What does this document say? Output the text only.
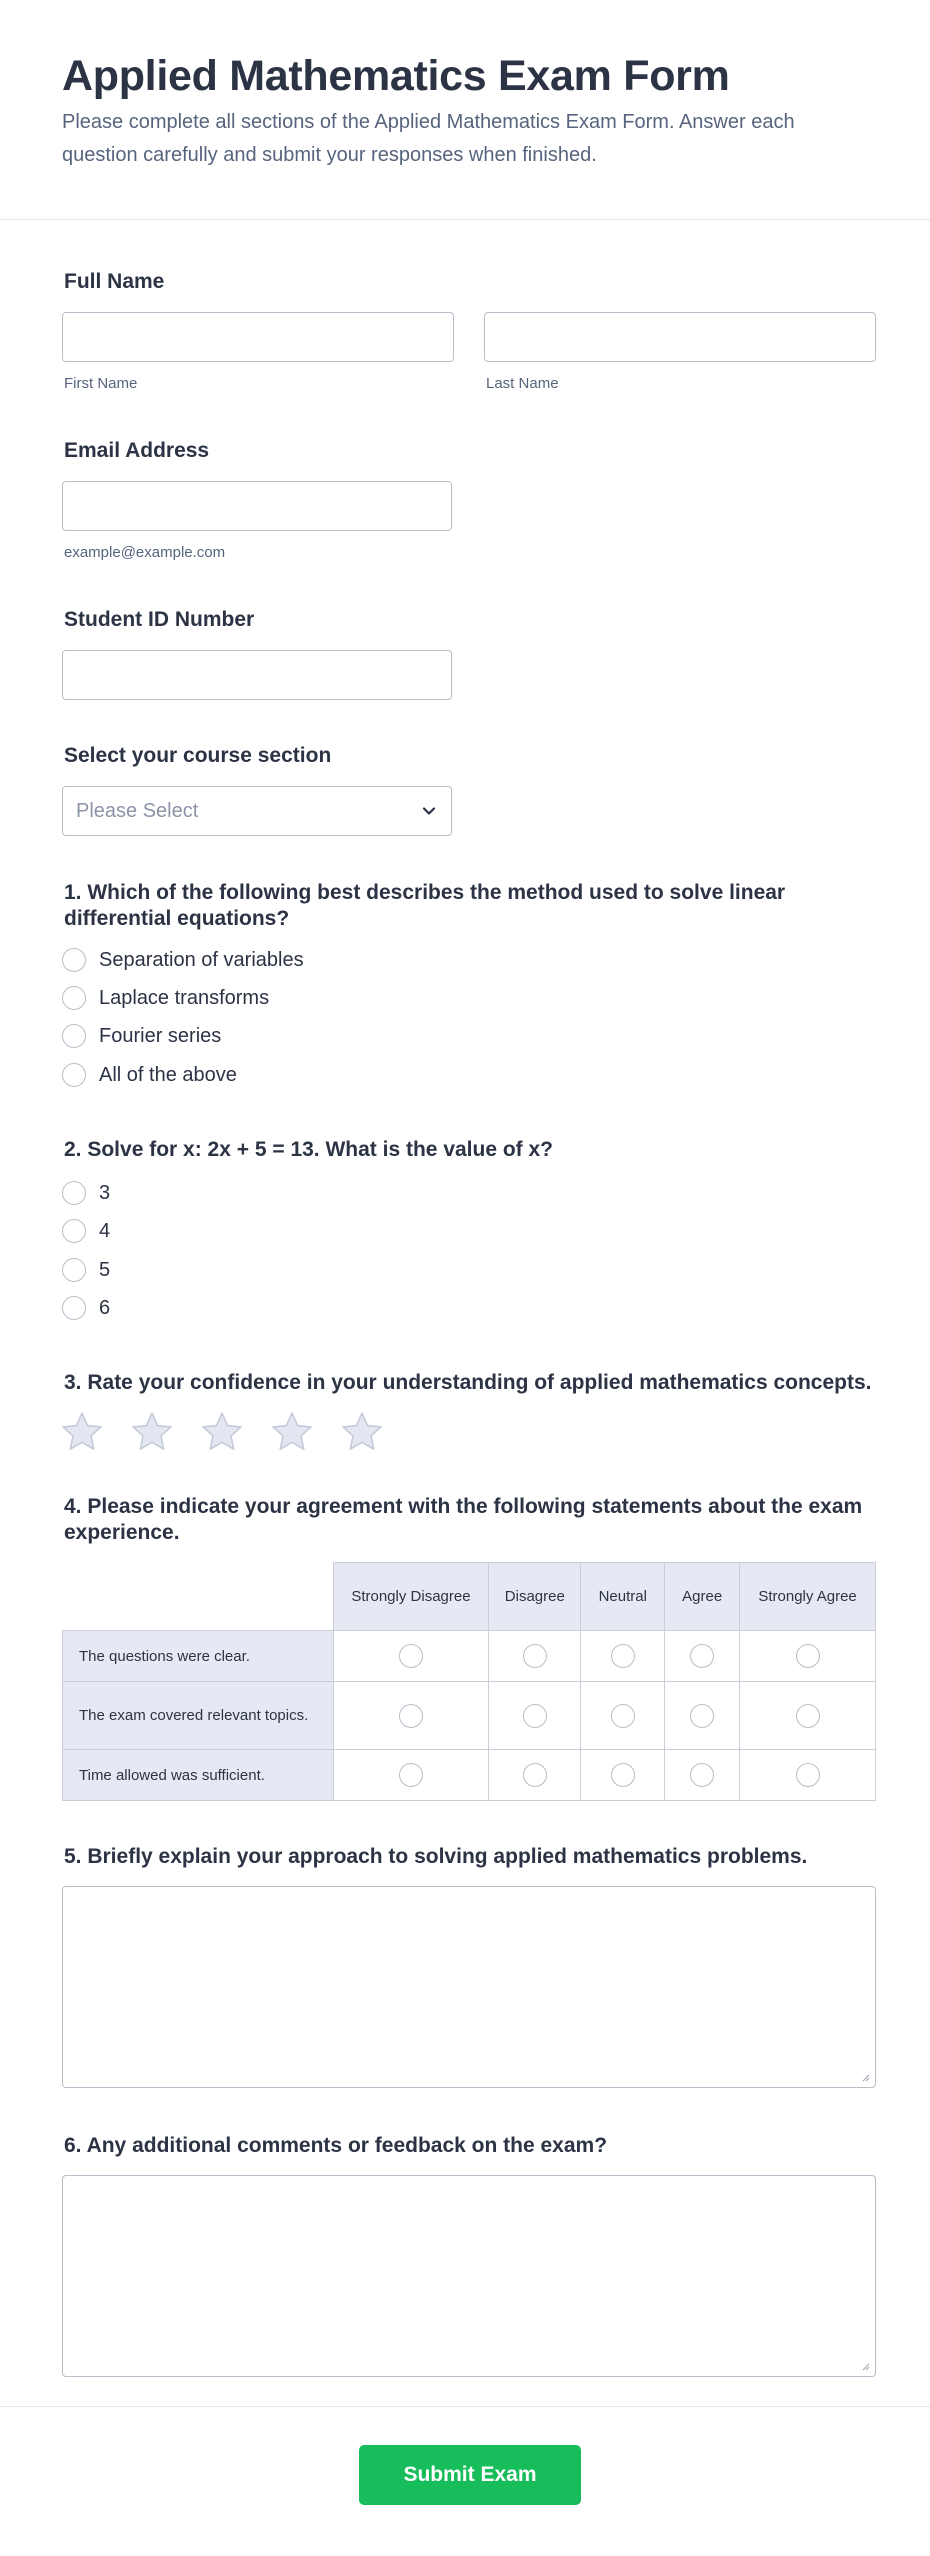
Applied Mathematics Exam Form

Please complete all sections of the Applied Mathematics Exam Form. Answer each question carefully and submit your responses when finished.

Full Name
First Name	Last Name
Email Address
example@example.com
Student ID Number
Select your course section
Please Select
1. Which of the following best describes the method used to solve linear differential equations?
Separation of variables
Laplace transforms
Fourier series
All of the above
2. Solve for x: 2x + 5 = 13. What is the value of x?
3
4
5
6
3. Rate your confidence in your understanding of applied mathematics concepts.
4. Please indicate your agreement with the following statements about the exam experience.
	Strongly Disagree	Disagree	Neutral	Agree	Strongly Agree
The questions were clear.					
The exam covered relevant topics.					
Time allowed was sufficient.					
5. Briefly explain your approach to solving applied mathematics problems.
6. Any additional comments or feedback on the exam?
Submit Exam
